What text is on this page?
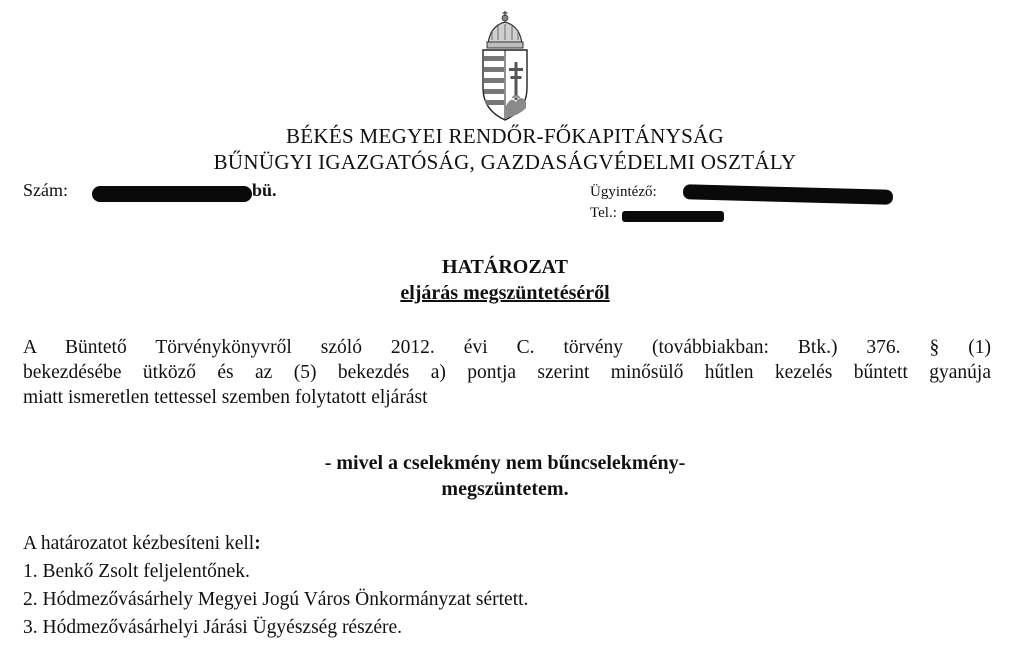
BÉKÉS MEGYEI RENDŐR-FŐKAPITÁNYSÁG
BŰNÜGYI IGAZGATÓSÁG, GAZDASÁGVÉDELMI OSZTÁLY
Szám:	bü.	Ügyintéző:
Tel.:
HATÁROZAT
eljárás megszüntetéséről
A Büntető Törvénykönyvről szóló 2012. évi C. törvény (továbbiakban: Btk.) 376. § (1)
bekezdésébe ütköző és az (5) bekezdés a) pontja szerint minősülő hűtlen kezelés bűntett gyanúja
miatt ismeretlen tettessel szemben folytatott eljárást
- mivel a cselekmény nem bűncselekmény-
megszüntetem.
A határozatot kézbesíteni kell:
1. Benkő Zsolt feljelentőnek.
2. Hódmezővásárhely Megyei Jogú Város Önkormányzat sértett.
3. Hódmezővásárhelyi Járási Ügyészség részére.
